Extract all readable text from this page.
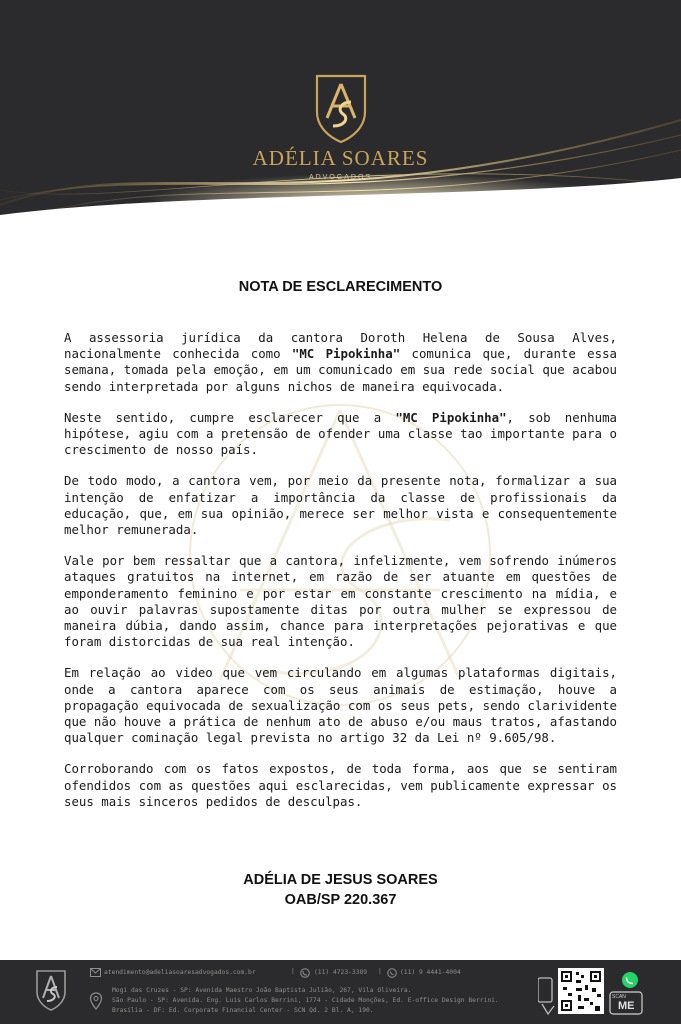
ADÉLIA SOARES
ADVOGADOS
NOTA DE ESCLARECIMENTO

A assessoria jurídica da cantora Doroth Helena de Sousa Alves, nacionalmente conhecida como "MC Pipokinha" comunica que, durante essa semana, tomada pela emoção, em um comunicado em sua rede social que acabou sendo interpretada por alguns nichos de maneira equivocada.

Neste sentido, cumpre esclarecer que a "MC Pipokinha", sob nenhuma hipótese, agiu com a pretensão de ofender uma classe tao importante para o crescimento de nosso país.

De todo modo, a cantora vem, por meio da presente nota, formalizar a sua intenção de enfatizar a importância da classe de profissionais da educação, que, em sua opinião, merece ser melhor vista e consequentemente melhor remunerada.

Vale por bem ressaltar que a cantora, infelizmente, vem sofrendo inúmeros ataques gratuitos na internet, em razão de ser atuante em questões de emponderamento feminino e por estar em constante crescimento na mídia, e ao ouvir palavras supostamente ditas por outra mulher se expressou de maneira dúbia, dando assim, chance para interpretações pejorativas e que foram distorcidas de sua real intenção.

Em relação ao video que vem circulando em algumas plataformas digitais, onde a cantora aparece com os seus animais de estimação, houve a propagação equivocada de sexualização com os seus pets, sendo clarividente que não houve a prática de nenhum ato de abuso e/ou maus tratos, afastando qualquer cominação legal prevista no artigo 32 da Lei nº 9.605/98.

Corroborando com os fatos expostos, de toda forma, aos que se sentiram ofendidos com as questões aqui esclarecidas, vem publicamente expressar os seus mais sinceros pedidos de desculpas.

ADÉLIA DE JESUS SOARES
OAB/SP 220.367
atendimento@adeliasoaresadvogados.com.br	|	(11) 4723-3389 |	(11) 9 4441-4004
Mogi das Cruzes - SP: Avenida Maestro João Baptista Julião, 267, Vila Oliveira.
São Paulo - SP: Avenida. Eng. Luis Carlos Berrini, 1774 - Cidade Monções, Ed. E-office Design Berrini.
Brasília - DF: Ed. Corporate Financial Center - SCN Qd. 2 Bl. A, 190.
SCAN
ME
